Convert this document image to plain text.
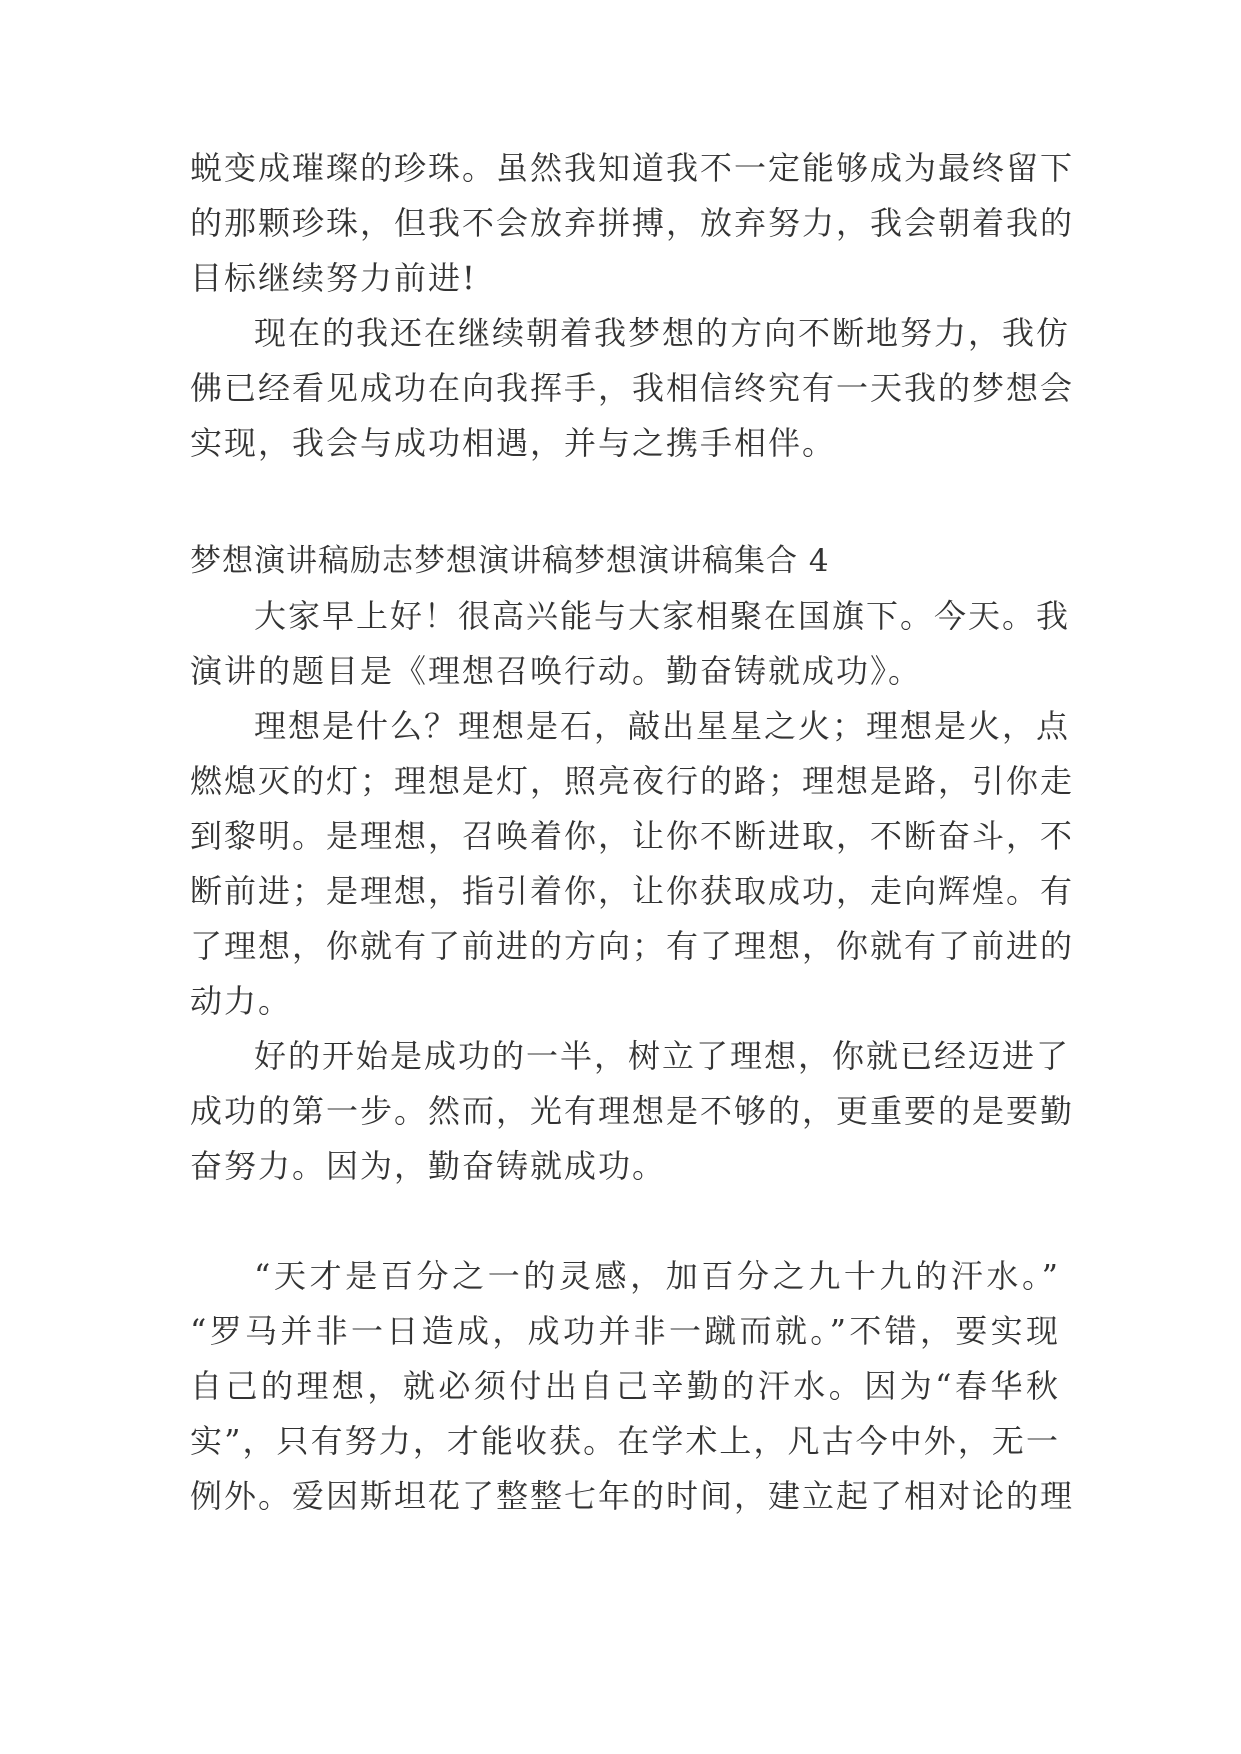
蜕变成璀璨的珍珠。虽然我知道我不一定能够成为最终留下

的那颗珍珠，但我不会放弃拼搏，放弃努力，我会朝着我的

目标继续努力前进!

现在的我还在继续朝着我梦想的方向不断地努力，我仿

佛已经看见成功在向我挥手，我相信终究有一天我的梦想会

实现，我会与成功相遇，并与之携手相伴。

梦想演讲稿励志梦想演讲稿梦想演讲稿集合 4

大家早上好！很高兴能与大家相聚在国旗下。今天。我

演讲的题目是《理想召唤行动。勤奋铸就成功》。

理想是什么？理想是石，敲出星星之火；理想是火，点

燃熄灭的灯；理想是灯，照亮夜行的路；理想是路，引你走

到黎明。是理想，召唤着你，让你不断进取，不断奋斗，不

断前进；是理想，指引着你，让你获取成功，走向辉煌。有

了理想，你就有了前进的方向；有了理想，你就有了前进的

动力。

好的开始是成功的一半，树立了理想，你就已经迈进了

成功的第一步。然而，光有理想是不够的，更重要的是要勤

奋努力。因为，勤奋铸就成功。

“天才是百分之一的灵感，加百分之九十九的汗水。”

“罗马并非一日造成，成功并非一蹴而就。”不错，要实现

自己的理想，就必须付出自己辛勤的汗水。因为“春华秋

实”，只有努力，才能收获。在学术上，凡古今中外，无一

例外。爱因斯坦花了整整七年的时间，建立起了相对论的理
